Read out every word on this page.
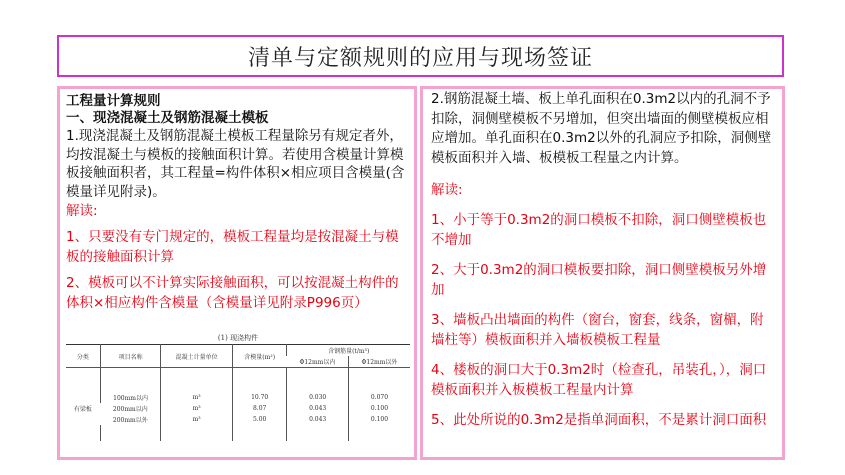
清单与定额规则的应用与现场签证
工程量计算规则
一、现浇混凝土及钢筋混凝土模板
1.现浇混凝土及钢筋混凝土模板工程量除另有规定者外，均按混凝土与模板的接触面积计算。若使用含模量计算模板接触面积者，其工程量=构件体积×相应项目含模量(含模量详见附录)。
解读:
1、只要没有专门规定的，模板工程量均是按混凝土与模板的接触面积计算
2、模板可以不计算实际接触面积，可以按混凝土构件的体积×相应构件含模量（含模量详见附录P996页）
(1) 现浇构件
分类	项目名称	混凝土计量单位	含模量(m²)	含钢筋量(t/m³)	
				Φ12mm以内	Φ12mm以外

有梁板	100mm以内	m³	10.70	0.030	0.070
	200mm以内	m³	8.07	0.043	0.100
	200mm以外	m³	5.00	0.043	0.100

2.钢筋混凝土墙、板上单孔面积在0.3m2以内的孔洞不予扣除，洞侧壁模板不另增加，但突出墙面的侧壁模板应相应增加。单孔面积在0.3m2以外的孔洞应予扣除，洞侧壁模板面积并入墙、板模板工程量之内计算。
解读:
1、小于等于0.3m2的洞口模板不扣除，洞口侧壁模板也不增加
2、大于0.3m2的洞口模板要扣除，洞口侧壁模板另外增加
3、墙板凸出墙面的构件（窗台，窗套，线条，窗楣，附墙柱等）模板面积并入墙板模板工程量
4、楼板的洞口大于0.3m2时（检查孔，吊装孔，），洞口模板面积并入板模板工程量内计算
5、此处所说的0.3m2是指单洞面积，不是累计洞口面积
